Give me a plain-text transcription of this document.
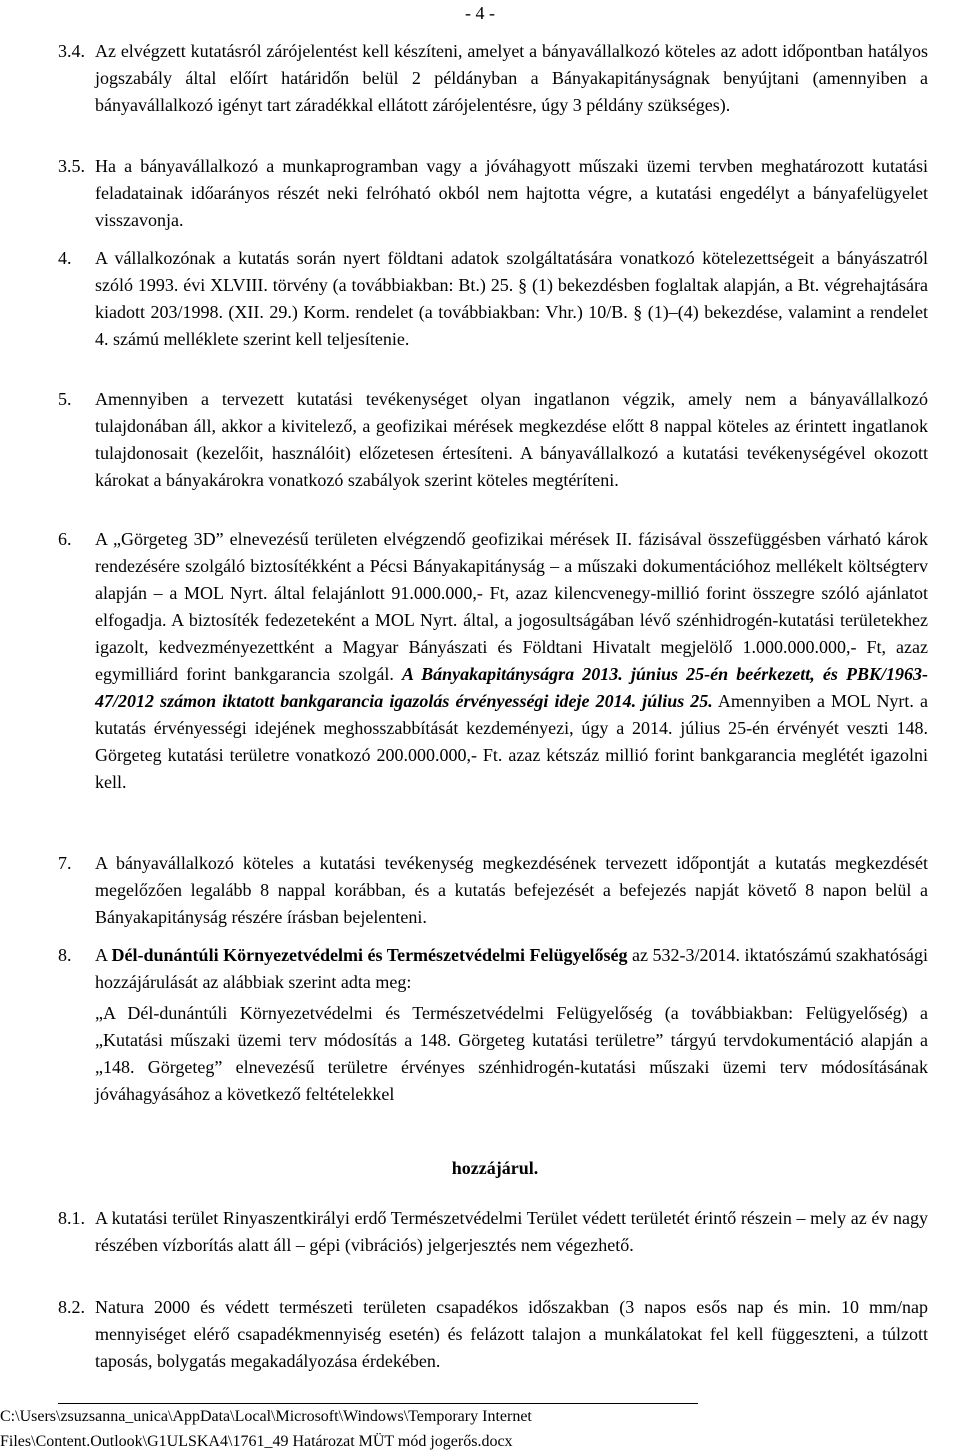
- 4 -
3.4. Az elvégzett kutatásról zárójelentést kell készíteni, amelyet a bányavállalkozó köteles az adott időpontban hatályos jogszabály által előírt határidőn belül 2 példányban a Bányakapitányságnak benyújtani (amennyiben a bányavállalkozó igényt tart záradékkal ellátott zárójelentésre, úgy 3 példány szükséges).
3.5. Ha a bányavállalkozó a munkaprogramban vagy a jóváhagyott műszaki üzemi tervben meghatározott kutatási feladatainak időarányos részét neki felróható okból nem hajtotta végre, a kutatási engedélyt a bányafelügyelet visszavonja.
4. A vállalkozónak a kutatás során nyert földtani adatok szolgáltatására vonatkozó kötelezettségeit a bányászatról szóló 1993. évi XLVIII. törvény (a továbbiakban: Bt.) 25. § (1) bekezdésben foglaltak alapján, a Bt. végrehajtására kiadott 203/1998. (XII. 29.) Korm. rendelet (a továbbiakban: Vhr.) 10/B. § (1)–(4) bekezdése, valamint a rendelet 4. számú melléklete szerint kell teljesítenie.
5. Amennyiben a tervezett kutatási tevékenységet olyan ingatlanon végzik, amely nem a bányavállalkozó tulajdonában áll, akkor a kivitelező, a geofizikai mérések megkezdése előtt 8 nappal köteles az érintett ingatlanok tulajdonosait (kezelőit, használóit) előzetesen értesíteni. A bányavállalkozó a kutatási tevékenységével okozott károkat a bányakárokra vonatkozó szabályok szerint köteles megtéríteni.
6. A „Görgeteg 3D” elnevezésű területen elvégzendő geofizikai mérések II. fázisával összefüggésben várható károk rendezésére szolgáló biztosítékként a Pécsi Bányakapitányság – a műszaki dokumentációhoz mellékelt költségterv alapján – a MOL Nyrt. által felajánlott 91.000.000,- Ft, azaz kilencvenegy-millió forint összegre szóló ajánlatot elfogadja. A biztosíték fedezeteként a MOL Nyrt. által, a jogosultságában lévő szénhidrogén-kutatási területekhez igazolt, kedvezményezettként a Magyar Bányászati és Földtani Hivatalt megjelölő 1.000.000.000,- Ft, azaz egymilliárd forint bankgarancia szolgál. A Bányakapitányságra 2013. június 25-én beérkezett, és PBK/1963-47/2012 számon iktatott bankgarancia igazolás érvényességi ideje 2014. július 25. Amennyiben a MOL Nyrt. a kutatás érvényességi idejének meghosszabbítását kezdeményezi, úgy a 2014. július 25-én érvényét veszti 148. Görgeteg kutatási területre vonatkozó 200.000.000,- Ft. azaz kétszáz millió forint bankgarancia meglétét igazolni kell.
7. A bányavállalkozó köteles a kutatási tevékenység megkezdésének tervezett időpontját a kutatás megkezdését megelőzően legalább 8 nappal korábban, és a kutatás befejezését a befejezés napját követő 8 napon belül a Bányakapitányság részére írásban bejelenteni.
8. A Dél-dunántúli Környezetvédelmi és Természetvédelmi Felügyelőség az 532-3/2014. iktatószámú szakhatósági hozzájárulását az alábbiak szerint adta meg:
„A Dél-dunántúli Környezetvédelmi és Természetvédelmi Felügyelőség (a továbbiakban: Felügyelőség) a „Kutatási műszaki üzemi terv módosítás a 148. Görgeteg kutatási területre” tárgyú tervdokumentáció alapján a „148. Görgeteg” elnevezésű területre érvényes szénhidrogén-kutatási műszaki üzemi terv módosításának jóváhagyásához a következő feltételekkel
hozzájárul.
8.1. A kutatási terület Rinyaszentkirályi erdő Természetvédelmi Terület védett területét érintő részein – mely az év nagy részében vízborítás alatt áll – gépi (vibrációs) jelgerjesztés nem végezhető.
8.2. Natura 2000 és védett természeti területen csapadékos időszakban (3 napos esős nap és min. 10 mm/nap mennyiséget elérő csapadékmennyiség esetén) és felázott talajon a munkálatokat fel kell függeszteni, a túlzott taposás, bolygatás megakadályozása érdekében.
C:\Users\zsuzsanna_unica\AppData\Local\Microsoft\Windows\Temporary Internet
Files\Content.Outlook\G1ULSKA4\1761_49 Határozat MÜT mód jogerős.docx
